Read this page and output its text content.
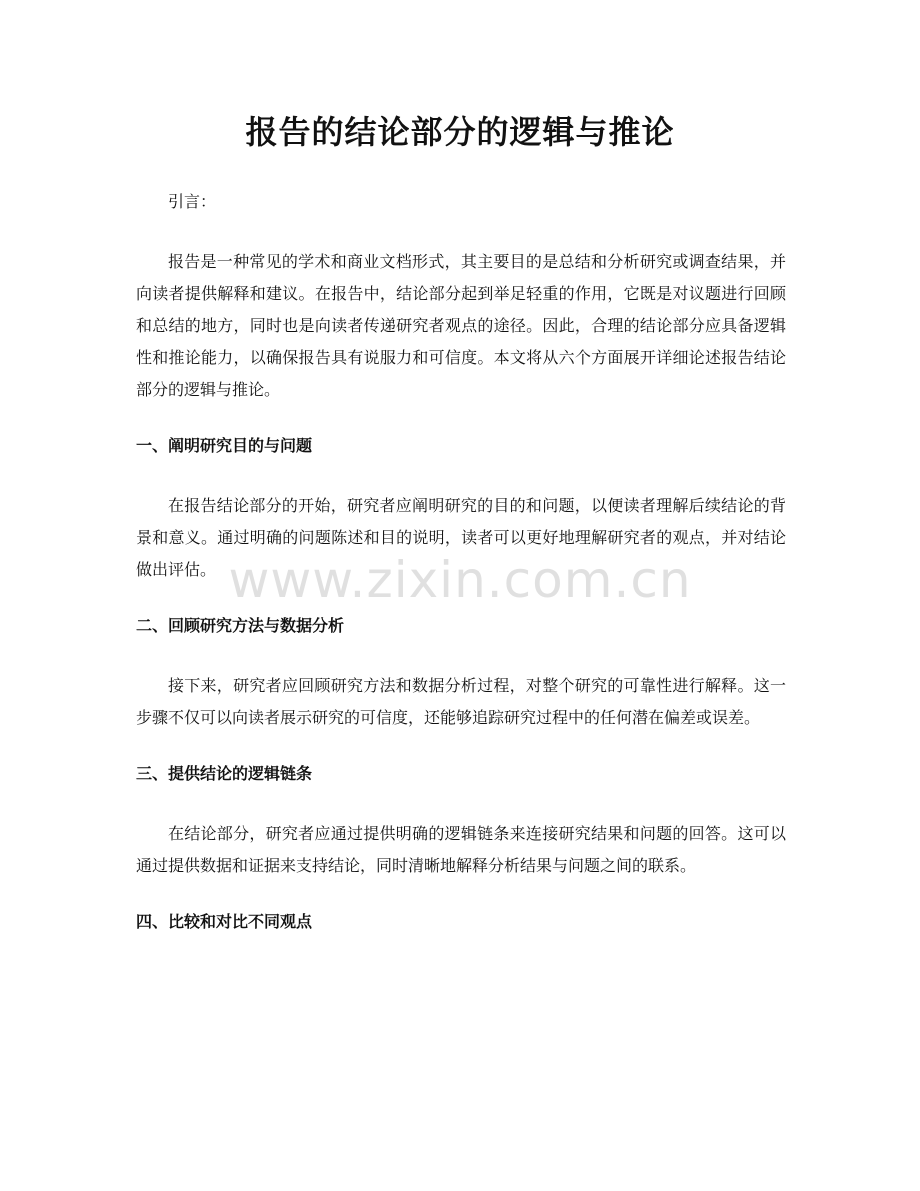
报告的结论部分的逻辑与推论

引言：

报告是一种常见的学术和商业文档形式，其主要目的是总结和分析研究或调查结果，并向读者提供解释和建议。在报告中，结论部分起到举足轻重的作用，它既是对议题进行回顾和总结的地方，同时也是向读者传递研究者观点的途径。因此，合理的结论部分应具备逻辑性和推论能力，以确保报告具有说服力和可信度。本文将从六个方面展开详细论述报告结论部分的逻辑与推论。

一、阐明研究目的与问题

在报告结论部分的开始，研究者应阐明研究的目的和问题，以便读者理解后续结论的背景和意义。通过明确的问题陈述和目的说明，读者可以更好地理解研究者的观点，并对结论做出评估。

二、回顾研究方法与数据分析

接下来，研究者应回顾研究方法和数据分析过程，对整个研究的可靠性进行解释。这一步骤不仅可以向读者展示研究的可信度，还能够追踪研究过程中的任何潜在偏差或误差。

三、提供结论的逻辑链条

在结论部分，研究者应通过提供明确的逻辑链条来连接研究结果和问题的回答。这可以通过提供数据和证据来支持结论，同时清晰地解释分析结果与问题之间的联系。

四、比较和对比不同观点

www.zixin.com.cn
